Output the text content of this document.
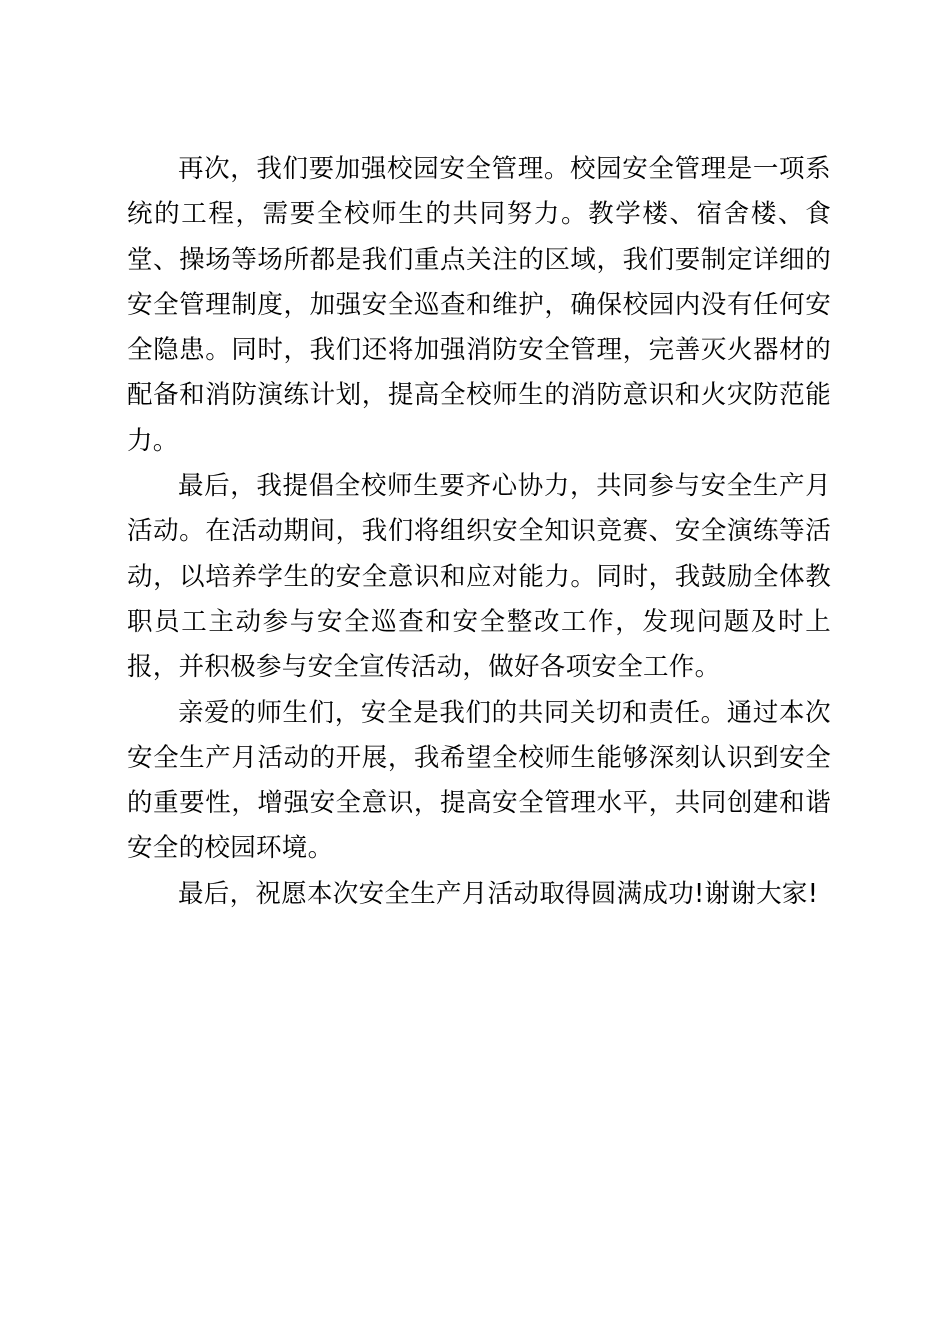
再次，我们要加强校园安全管理。校园安全管理是一项系统的工程，需要全校师生的共同努力。教学楼、宿舍楼、食堂、操场等场所都是我们重点关注的区域，我们要制定详细的安全管理制度，加强安全巡查和维护，确保校园内没有任何安全隐患。同时，我们还将加强消防安全管理，完善灭火器材的配备和消防演练计划，提高全校师生的消防意识和火灾防范能力。

最后，我提倡全校师生要齐心协力，共同参与安全生产月活动。在活动期间，我们将组织安全知识竞赛、安全演练等活动，以培养学生的安全意识和应对能力。同时，我鼓励全体教职员工主动参与安全巡查和安全整改工作，发现问题及时上报，并积极参与安全宣传活动，做好各项安全工作。

亲爱的师生们，安全是我们的共同关切和责任。通过本次安全生产月活动的开展，我希望全校师生能够深刻认识到安全的重要性，增强安全意识，提高安全管理水平，共同创建和谐安全的校园环境。

最后，祝愿本次安全生产月活动取得圆满成功!谢谢大家!
